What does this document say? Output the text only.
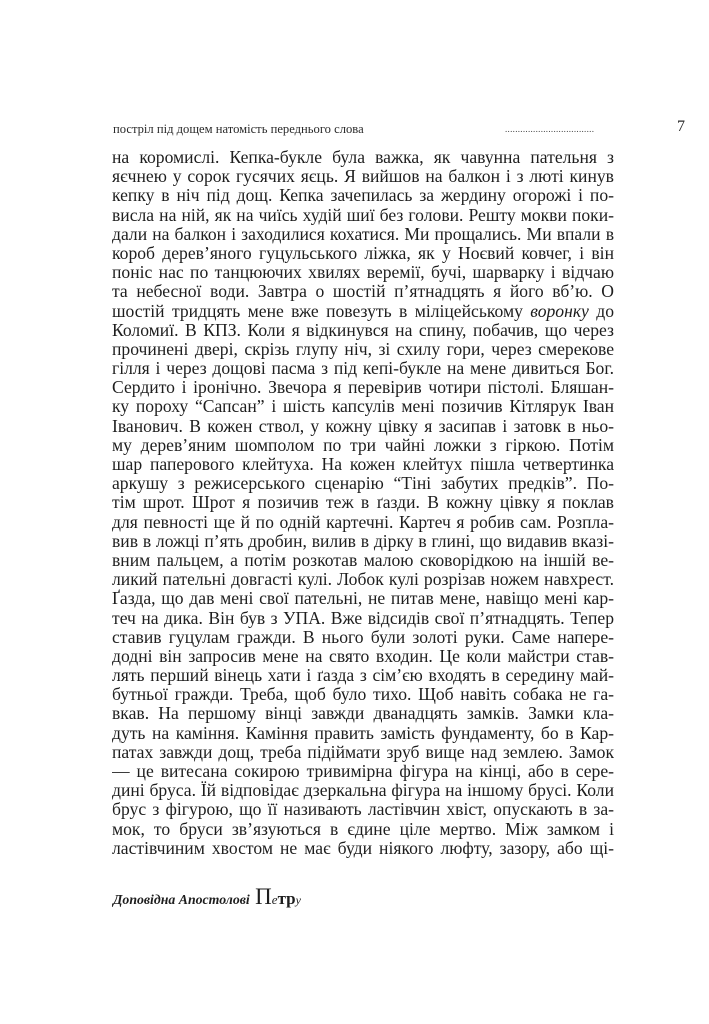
постріл під дощем натомість переднього слова	...................................	7
на коромислі. Кепка-букле була важка, як чавунна пательня з
яєчнею у сорок гусячих яєць. Я вийшов на балкон і з люті кинув
кепку в ніч під дощ. Кепка зачепилась за жердину огорожі і по-
висла на ній, як на чиїсь худій шиї без голови. Решту мокви поки-
дали на балкон і заходилися кохатися. Ми прощались. Ми впали в
короб дерев’яного гуцульського ліжка, як у Ноєвий ковчег, і він
поніс нас по танцюючих хвилях веремії, бучі, шарварку і відчаю
та небесної води. Завтра о шостій п’ятнадцять я його вб’ю. О
шостій тридцять мене вже повезуть в міліцейському воронку до
Коломиї. В КПЗ. Коли я відкинувся на спину, побачив, що через
прочинені двері, скрізь глупу ніч, зі схилу гори, через смерекове
гілля і через дощові пасма з під кепі-букле на мене дивиться Бог.
Сердито і іронічно. Звечора я перевірив чотири пістолі. Бляшан-
ку пороху “Сапсан” і шість капсулів мені позичив Кітлярук Іван
Іванович. В кожен ствол, у кожну цівку я засипав і затовк в ньо-
му дерев’яним шомполом по три чайні ложки з гіркою. Потім
шар паперового клейтуха. На кожен клейтух пішла четвертинка
аркушу з режисерського сценарію “Тіні забутих предків”. По-
тім шрот. Шрот я позичив теж в ґазди. В кожну цівку я поклав
для певності ще й по одній картечні. Картеч я робив сам. Розпла-
вив в ложці п’ять дробин, вилив в дірку в глині, що видавив вказі-
вним пальцем, а потім розкотав малою сковорідкою на іншій ве-
ликий пательні довгасті кулі. Лобок кулі розрізав ножем навхрест.
Ґазда, що дав мені свої пательні, не питав мене, навіщо мені кар-
теч на дика. Він був з УПА. Вже відсидів свої п’ятнадцять. Тепер
ставив гуцулам гражди. В нього були золоті руки. Саме напере-
додні він запросив мене на свято входин. Це коли майстри став-
лять перший вінець хати і ґазда з сім’єю входять в середину май-
бутньої гражди. Треба, щоб було тихо. Щоб навіть собака не га-
вкав. На першому вінці завжди дванадцять замків. Замки кла-
дуть на каміння. Каміння править замість фундаменту, бо в Кар-
патах завжди дощ, треба підіймати зруб вище над землею. Замок
— це витесана сокирою тривимірна фігура на кінці, або в сере-
дині бруса. Їй відповідає дзеркальна фігура на іншому брусі. Коли
брус з фігурою, що її називають ластівчин хвіст, опускають в за-
мок, то бруси зв’язуються в єдине ціле мертво. Між замком і
ластівчиним хвостом не має буди ніякого люфту, зазору, або щі-
Доповідна Апостолові Петру
